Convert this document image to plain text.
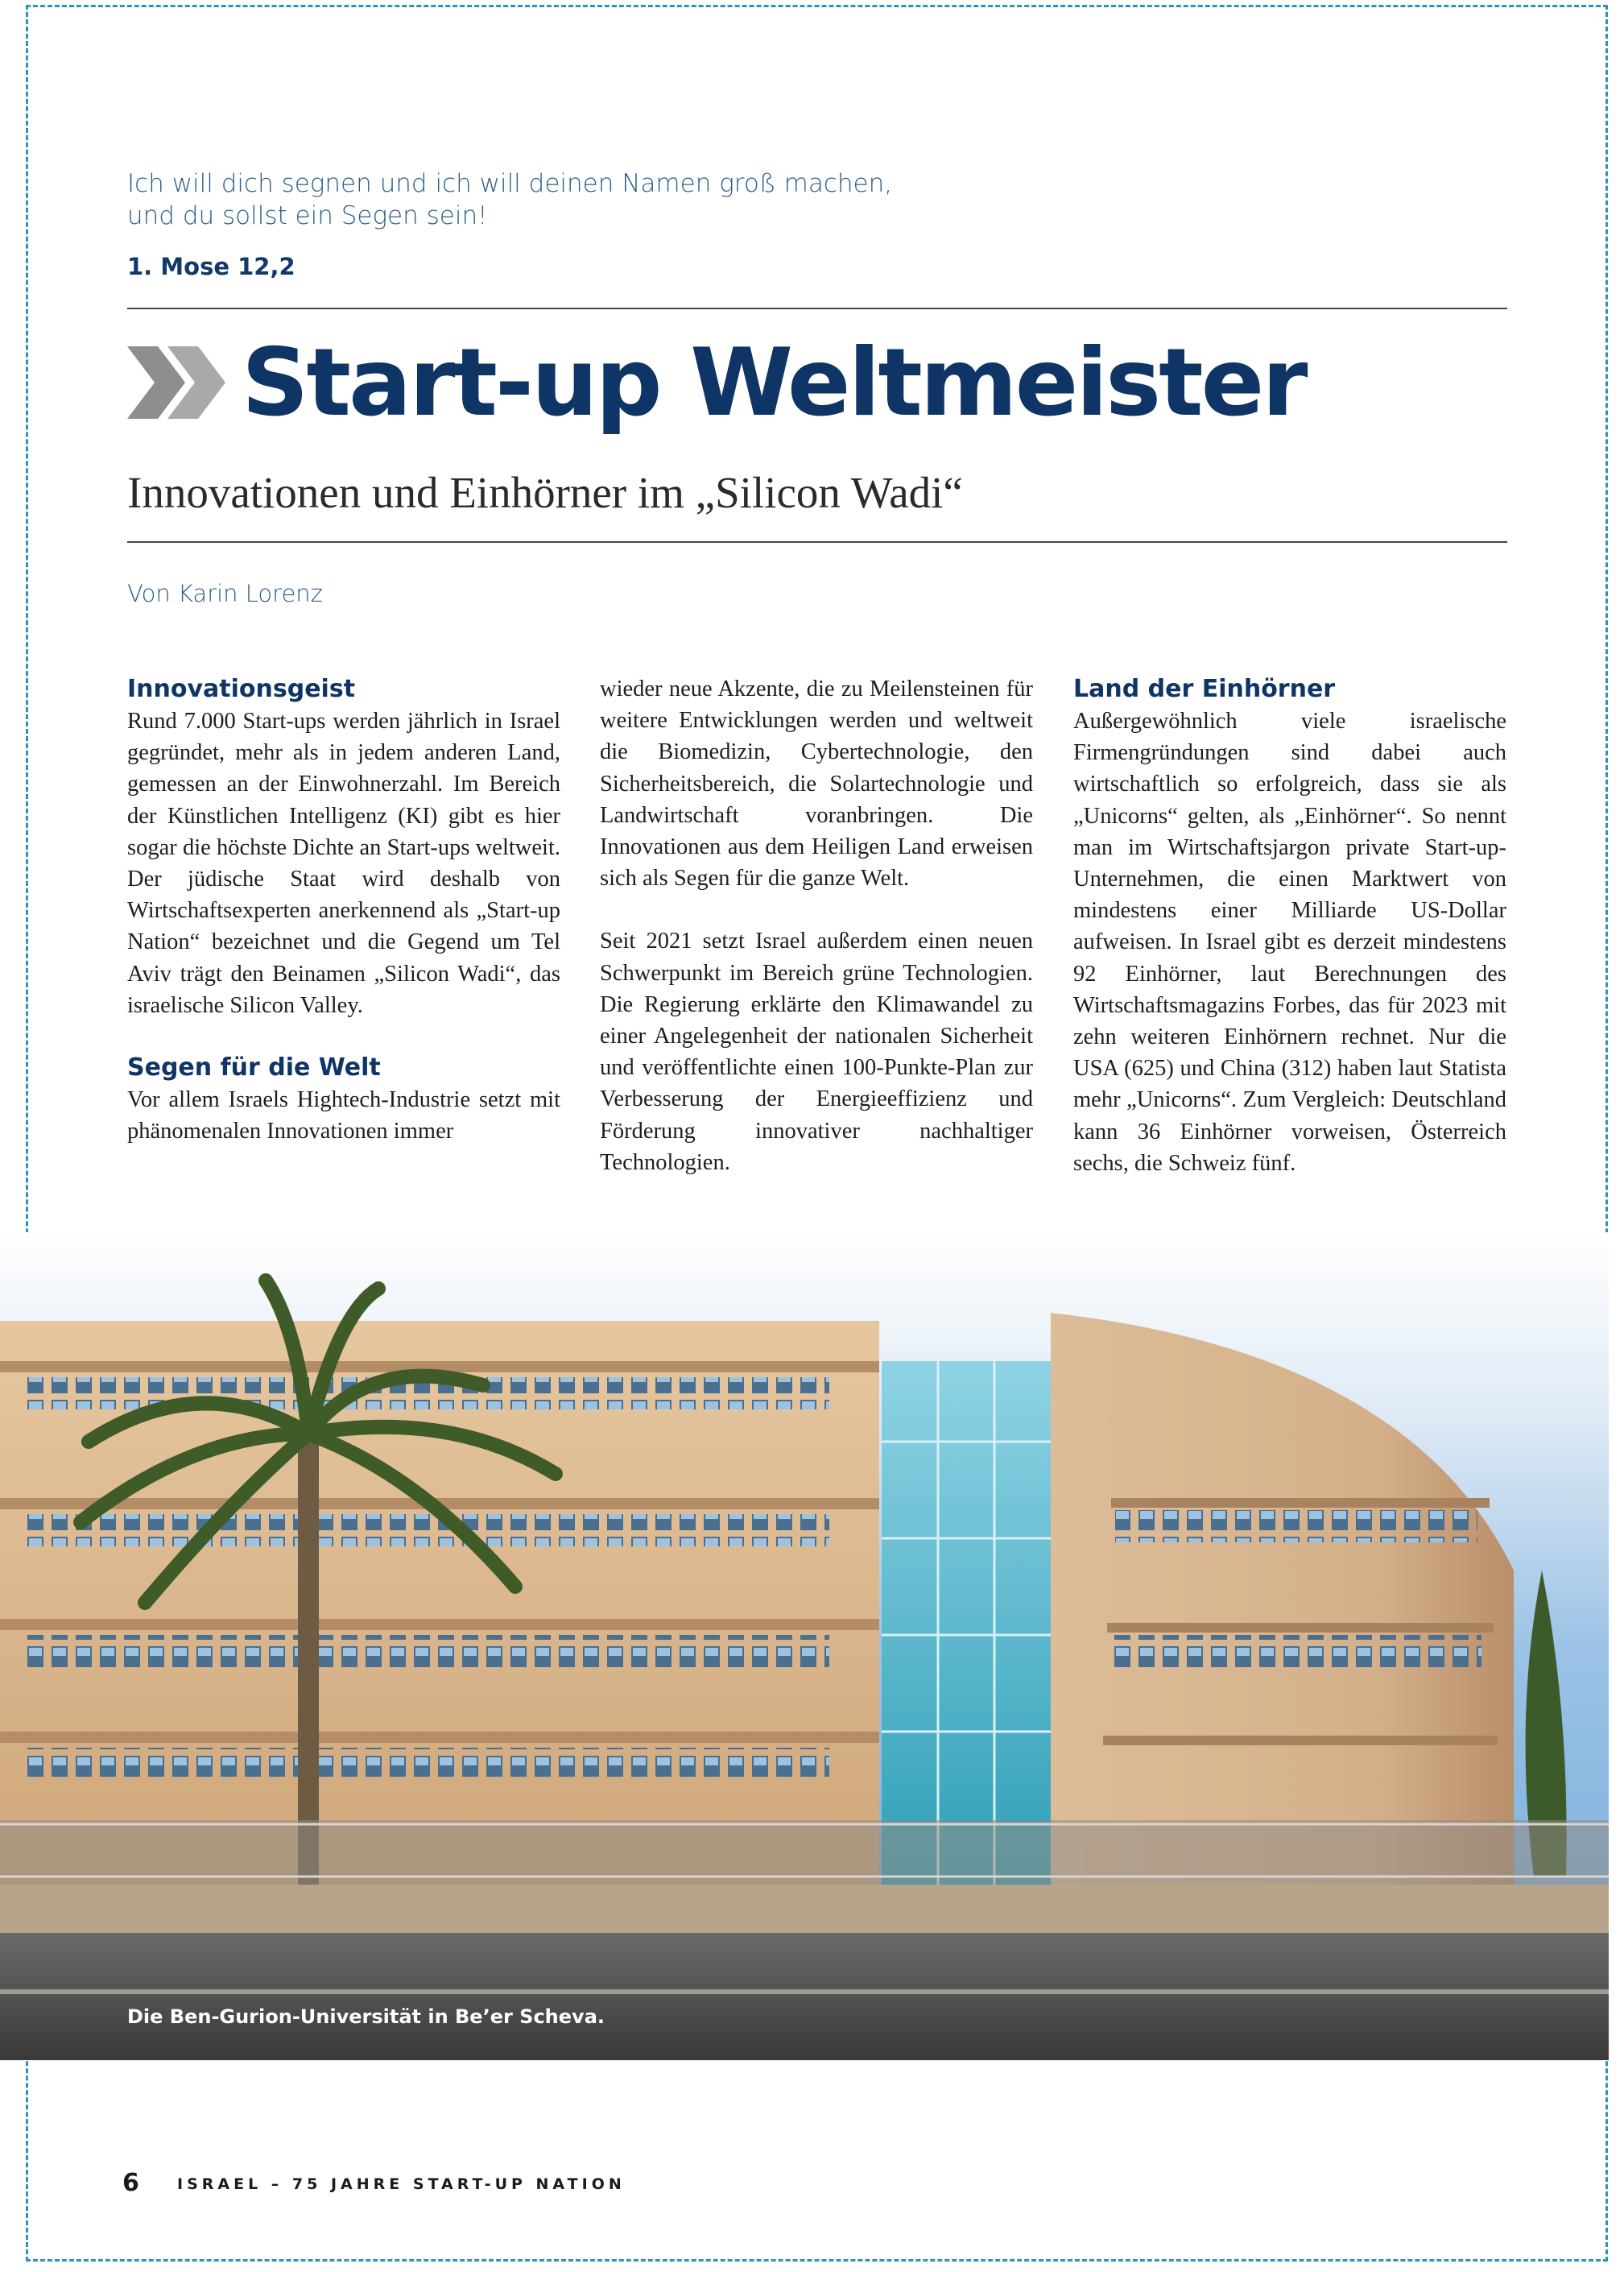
Ich will dich segnen und ich will deinen Namen groß machen,
und du sollst ein Segen sein!
1. Mose 12,2
Start-up Weltmeister
Innovationen und Einhörner im „Silicon Wadi“
Von Karin Lorenz
Innovationsgeist

Rund 7.000 Start-ups werden jährlich in Israel gegründet, mehr als in jedem anderen Land, gemessen an der Einwohnerzahl. Im Bereich der Künstlichen Intelligenz (KI) gibt es hier sogar die höchste Dichte an Start-ups weltweit. Der jüdische Staat wird deshalb von Wirtschaftsexperten anerkennend als „Start-up Nation“ bezeichnet und die Gegend um Tel Aviv trägt den Beinamen „Silicon Wadi“, das israelische Silicon Valley.

Segen für die Welt

Vor allem Israels Hightech-Industrie setzt mit phänomenalen Innovationen immer

wieder neue Akzente, die zu Meilensteinen für weitere Entwicklungen werden und weltweit die Biomedizin, Cybertechnologie, den Sicherheitsbereich, die Solartechnologie und Landwirtschaft voranbringen. Die Innovationen aus dem Heiligen Land erweisen sich als Segen für die ganze Welt.

Seit 2021 setzt Israel außerdem einen neuen Schwerpunkt im Bereich grüne Technologien. Die Regierung erklärte den Klimawandel zu einer Angelegenheit der nationalen Sicherheit und veröffentlichte einen 100-Punkte-Plan zur Verbesserung der Energieeffizienz und Förderung innovativer nachhaltiger Technologien.

Land der Einhörner

Außergewöhnlich viele israelische Firmengründungen sind dabei auch wirtschaftlich so erfolgreich, dass sie als „Unicorns“ gelten, als „Einhörner“. So nennt man im Wirtschaftsjargon private Start-up-Unternehmen, die einen Marktwert von mindestens einer Milliarde US-Dollar aufweisen. In Israel gibt es derzeit mindestens 92 Einhörner, laut Berechnungen des Wirtschaftsmagazins Forbes, das für 2023 mit zehn weiteren Einhörnern rechnet. Nur die USA (625) und China (312) haben laut Statista mehr „Unicorns“. Zum Vergleich: Deutschland kann 36 Einhörner vorweisen, Österreich sechs, die Schweiz fünf.

Die Ben-Gurion-Universität in Be’er Scheva.
6 ISRAEL – 75 JAHRE START-UP NATION
